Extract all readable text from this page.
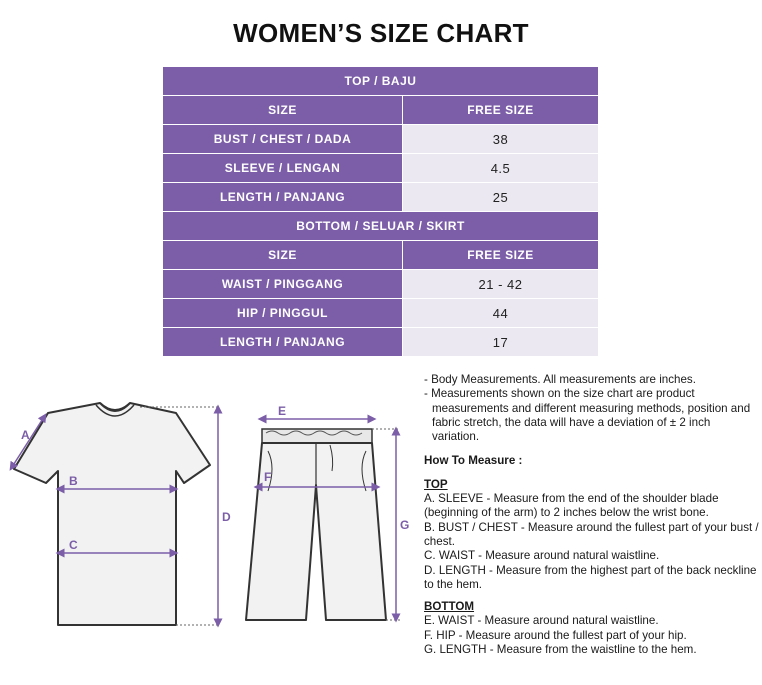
WOMEN’S SIZE CHART
TOP / BAJU	
SIZE	FREE SIZE
BUST / CHEST / DADA	38
SLEEVE / LENGAN	4.5
LENGTH / PANJANG	25
BOTTOM / SELUAR / SKIRT	
SIZE	FREE SIZE
WAIST / PINGGANG	21 - 42
HIP / PINGGUL	44
LENGTH / PANJANG	17
A
B
C
D
E
F
G
- Body Measurements. All measurements are inches.
- Measurements shown on the size chart are product measurements and different measuring methods, position and fabric stretch, the data will have a deviation of ± 2 inch variation.
How To Measure :
TOP
A. SLEEVE - Measure from the end of the shoulder blade (beginning of the arm) to 2 inches below the wrist bone.
B. BUST / CHEST - Measure around the fullest part of your bust / chest.
C. WAIST - Measure around natural waistline.
D. LENGTH - Measure from the highest part of the back neckline to the hem.
BOTTOM
E. WAIST - Measure around natural waistline.
F. HIP - Measure around the fullest part of your hip.
G. LENGTH - Measure from the waistline to the hem.
